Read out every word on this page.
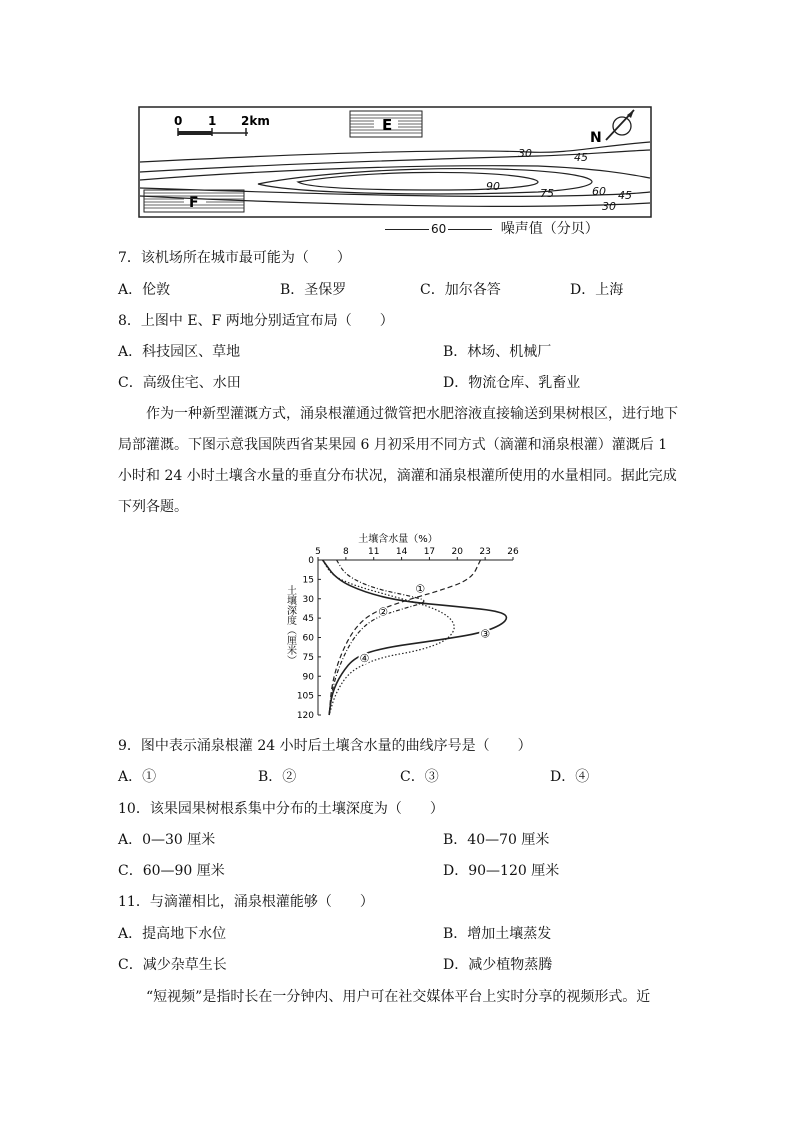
0 1 2km	E
F
N
30	45
90
75	60 45
30
60	噪声值（分贝）
7．该机场所在城市最可能为（　　）
A．伦敦	B．圣保罗	C．加尔各答	D．上海
8．上图中 E、F 两地分别适宜布局（　　）
A．科技园区、草地	B．林场、机械厂
C．高级住宅、水田	D．物流仓库、乳畜业
作为一种新型灌溉方式，涌泉根灌通过微管把水肥溶液直接输送到果树根区，进行地下局部灌溉。下图示意我国陕西省某果园 6 月初采用不同方式（滴灌和涌泉根灌）灌溉后 1 小时和 24 小时土壤含水量的垂直分布状况，滴灌和涌泉根灌所使用的水量相同。据此完成下列各题。
土壤含水量（%）
5 8 11 14 17 20 23 26
0
15
30
45
60
75
90
105
120
①
②
③
④
土壤深度（厘米）
9．图中表示涌泉根灌 24 小时后土壤含水量的曲线序号是（　　）
A．①	B．②	C．③	D．④
10．该果园果树根系集中分布的土壤深度为（　　）
A．0—30 厘米	B．40—70 厘米
C．60—90 厘米	D．90—120 厘米
11．与滴灌相比，涌泉根灌能够（　　）
A．提高地下水位	B．增加土壤蒸发
C．减少杂草生长	D．减少植物蒸腾
“短视频”是指时长在一分钟内、用户可在社交媒体平台上实时分享的视频形式。近
